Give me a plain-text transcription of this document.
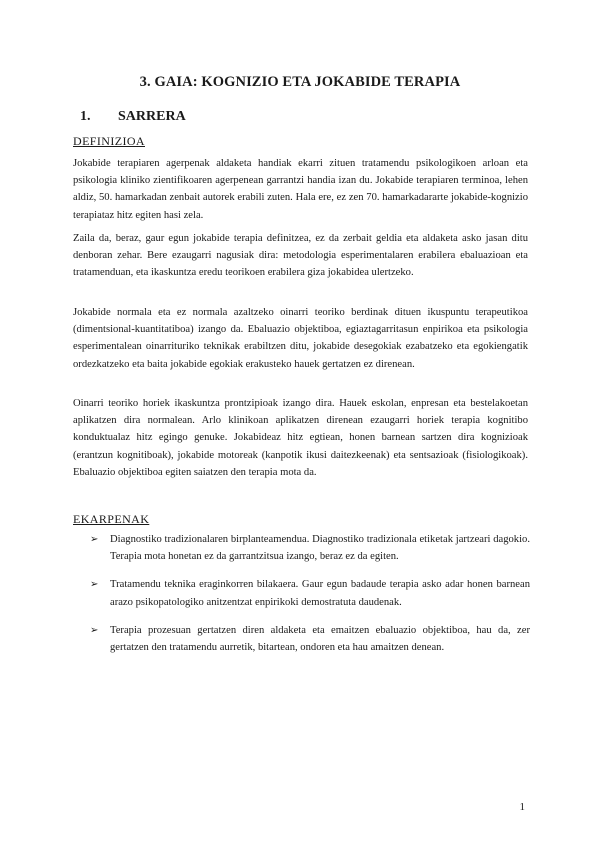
3. GAIA: KOGNIZIO ETA JOKABIDE TERAPIA
1. SARRERA
DEFINIZIOA

Jokabide terapiaren agerpenak aldaketa handiak ekarri zituen tratamendu psikologikoen arloan eta psikologia kliniko zientifikoaren agerpenean garrantzi handia izan du. Jokabide terapiaren terminoa, lehen aldiz, 50. hamarkadan zenbait autorek erabili zuten. Hala ere, ez zen 70. hamarkadararte jokabide-kognizio terapiataz hitz egiten hasi zela.

Zaila da, beraz, gaur egun jokabide terapia definitzea, ez da zerbait geldia eta aldaketa asko jasan ditu denboran zehar. Bere ezaugarri nagusiak dira: metodologia esperimentalaren erabilera ebaluazioan eta tratamenduan, eta ikaskuntza eredu teorikoen erabilera giza jokabidea ulertzeko.

Jokabide normala eta ez normala azaltzeko oinarri teoriko berdinak dituen ikuspuntu terapeutikoa (dimentsional-kuantitatiboa) izango da. Ebaluazio objektiboa, egiaztagarritasun enpirikoa eta psikologia esperimentalean oinarrituriko teknikak erabiltzen ditu, jokabide desegokiak ezabatzeko eta egokiengatik ordezkatzeko eta baita jokabide egokiak erakusteko hauek gertatzen ez direnean.

Oinarri teoriko horiek ikaskuntza prontzipioak izango dira. Hauek eskolan, enpresan eta bestelakoetan aplikatzen dira normalean. Arlo klinikoan aplikatzen direnean ezaugarri horiek terapia kognitibo konduktualaz hitz egingo genuke. Jokabideaz hitz egtiean, honen barnean sartzen dira kognizioak (erantzun kognitiboak), jokabide motoreak (kanpotik ikusi daitezkeenak) eta sentsazioak (fisiologikoak). Ebaluazio objektiboa egiten saiatzen den terapia mota da.

EKARPENAK
➢ Diagnostiko tradizionalaren birplanteamendua. Diagnostiko tradizionala etiketak jartzeari dagokio. Terapia mota honetan ez da garrantzitsua izango, beraz ez da egiten.
➢ Tratamendu teknika eraginkorren bilakaera. Gaur egun badaude terapia asko adar honen barnean arazo psikopatologiko anitzentzat enpirikoki demostratuta daudenak.
➢ Terapia prozesuan gertatzen diren aldaketa eta emaitzen ebaluazio objektiboa, hau da, zer gertatzen den tratamendu aurretik, bitartean, ondoren eta hau amaitzen denean.
1
